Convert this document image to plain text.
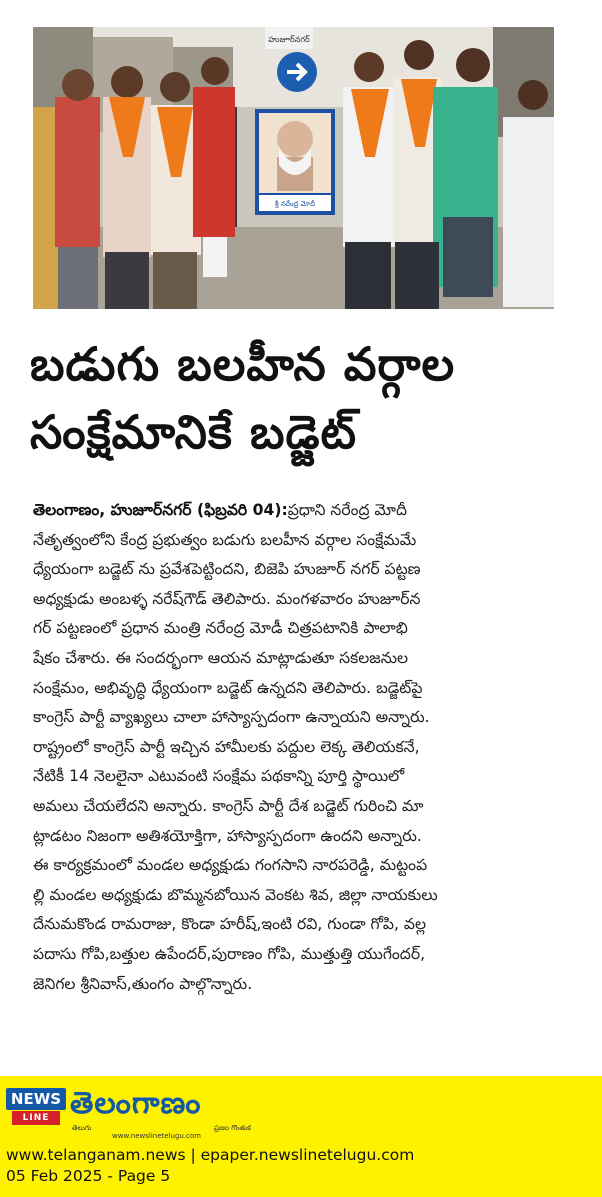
హుజూర్‌నగర్
శ్రీ నరేంద్ర మోదీ
బడుగు బలహీన వర్గాల
సంక్షేమానికే బడ్జెట్
తెలంగాణం, హుజూర్‌నగర్ (ఫిబ్రవరి 04):ప్రధాని నరేంద్ర మోదీ
నేతృత్వంలోని కేంద్ర ప్రభుత్వం బడుగు బలహీన వర్గాల సంక్షేమమే
ధ్యేయంగా బడ్జెట్ ను ప్రవేశపెట్టిందని, బిజెపి హుజూర్ నగర్ పట్టణ
అధ్యక్షుడు అంబళ్ళ నరేష్‌గౌడ్ తెలిపారు. మంగళవారం హుజూర్‌న
గర్ పట్టణంలో ప్రధాన మంత్రి నరేంద్ర మోడీ చిత్రపటానికి పాలాభి
షేకం చేశారు. ఈ సందర్భంగా ఆయన మాట్లాడుతూ సకలజనుల
సంక్షేమం, అభివృద్ధి ధ్యేయంగా బడ్జెట్ ఉన్నదని తెలిపారు. బడ్జెట్‌పై
కాంగ్రెస్ పార్టీ వ్యాఖ్యలు చాలా హాస్యాస్పదంగా ఉన్నాయని అన్నారు.
రాష్ట్రంలో కాంగ్రెస్ పార్టీ ఇచ్చిన హామీలకు పద్దుల లెక్క తెలియకనే,
నేటికీ 14 నెలలైనా ఎటువంటి సంక్షేమ పథకాన్ని పూర్తి స్థాయిలో
అమలు చేయలేదని అన్నారు. కాంగ్రెస్ పార్టీ దేశ బడ్జెట్ గురించి మా
ట్లాడటం నిజంగా అతిశయోక్తిగా, హాస్యాస్పదంగా ఉందని అన్నారు.
ఈ కార్యక్రమంలో మండల అధ్యక్షుడు గంగసాని నారపరెడ్డి, మట్టంప
ల్లి మండల అధ్యక్షుడు బొమ్మనబోయిన వెంకట శివ, జిల్లా నాయకులు
దేనుమకొండ రామరాజు, కొండా హరీష్,ఇంటి రవి, గుండా గోపి, వల్ల
పదాసు గోపి,బత్తుల ఉపేందర్,పురాణం గోపి, ముత్తుత్తి యుగేందర్,
జెనిగల శ్రీనివాస్,తుంగం పాల్గొన్నారు.
NEWS
LINE
తెలుగు
తెలంగాణం
ప్రజల గొంతుక
www.newslinetelugu.com
www.telanganam.news | epaper.newslinetelugu.com
05 Feb 2025 - Page 5
